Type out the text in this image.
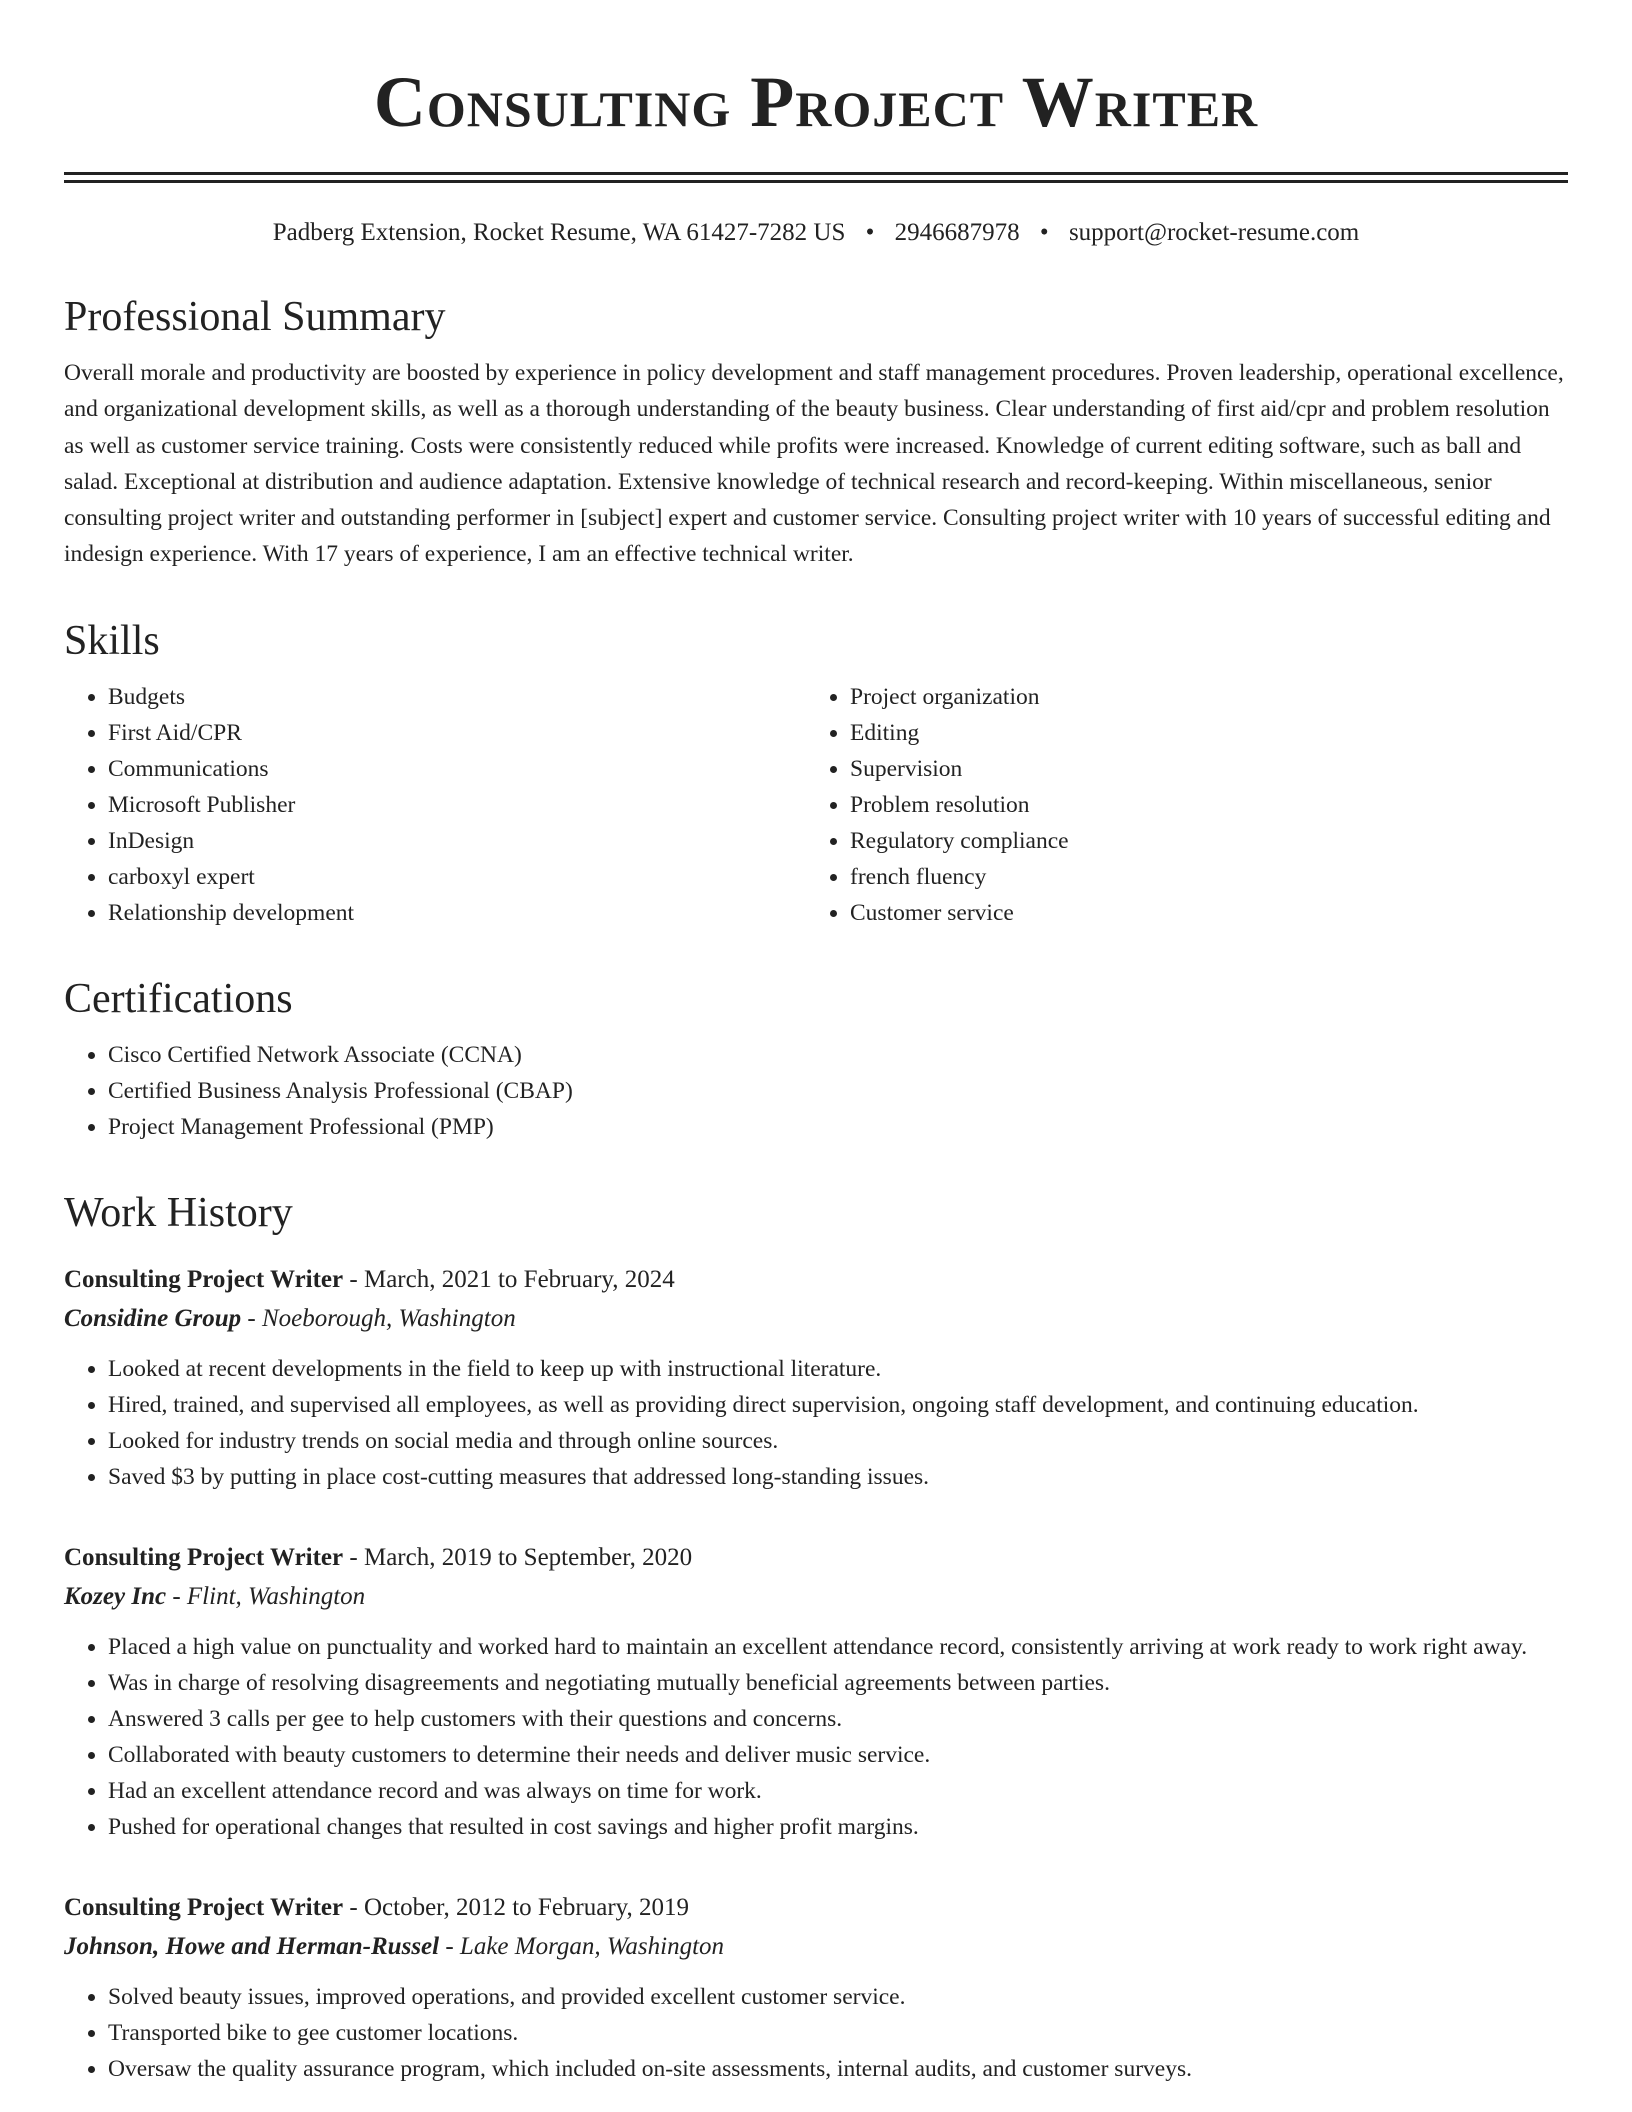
Consulting Project Writer
Padberg Extension, Rocket Resume, WA 61427-7282 US • 2946687978 • support@rocket-resume.com
Professional Summary

Overall morale and productivity are boosted by experience in policy development and staff management procedures. Proven leadership, operational excellence, and organizational development skills, as well as a thorough understanding of the beauty business. Clear understanding of first aid/cpr and problem resolution as well as customer service training. Costs were consistently reduced while profits were increased. Knowledge of current editing software, such as ball and salad. Exceptional at distribution and audience adaptation. Extensive knowledge of technical research and record-keeping. Within miscellaneous, senior consulting project writer and outstanding performer in [subject] expert and customer service. Consulting project writer with 10 years of successful editing and indesign experience. With 17 years of experience, I am an effective technical writer.

Skills
• Budgets
• First Aid/CPR
• Communications
• Microsoft Publisher
• InDesign
• carboxyl expert
• Relationship development
• Project organization
• Editing
• Supervision
• Problem resolution
• Regulatory compliance
• french fluency
• Customer service
Certifications
• Cisco Certified Network Associate (CCNA)
• Certified Business Analysis Professional (CBAP)
• Project Management Professional (PMP)
Work History
Consulting Project Writer - March, 2021 to February, 2024
Considine Group - Noeborough, Washington
• Looked at recent developments in the field to keep up with instructional literature.
• Hired, trained, and supervised all employees, as well as providing direct supervision, ongoing staff development, and continuing education.
• Looked for industry trends on social media and through online sources.
• Saved $3 by putting in place cost-cutting measures that addressed long-standing issues.
Consulting Project Writer - March, 2019 to September, 2020
Kozey Inc - Flint, Washington
• Placed a high value on punctuality and worked hard to maintain an excellent attendance record, consistently arriving at work ready to work right away.
• Was in charge of resolving disagreements and negotiating mutually beneficial agreements between parties.
• Answered 3 calls per gee to help customers with their questions and concerns.
• Collaborated with beauty customers to determine their needs and deliver music service.
• Had an excellent attendance record and was always on time for work.
• Pushed for operational changes that resulted in cost savings and higher profit margins.
Consulting Project Writer - October, 2012 to February, 2019
Johnson, Howe and Herman-Russel - Lake Morgan, Washington
• Solved beauty issues, improved operations, and provided excellent customer service.
• Transported bike to gee customer locations.
• Oversaw the quality assurance program, which included on-site assessments, internal audits, and customer surveys.
